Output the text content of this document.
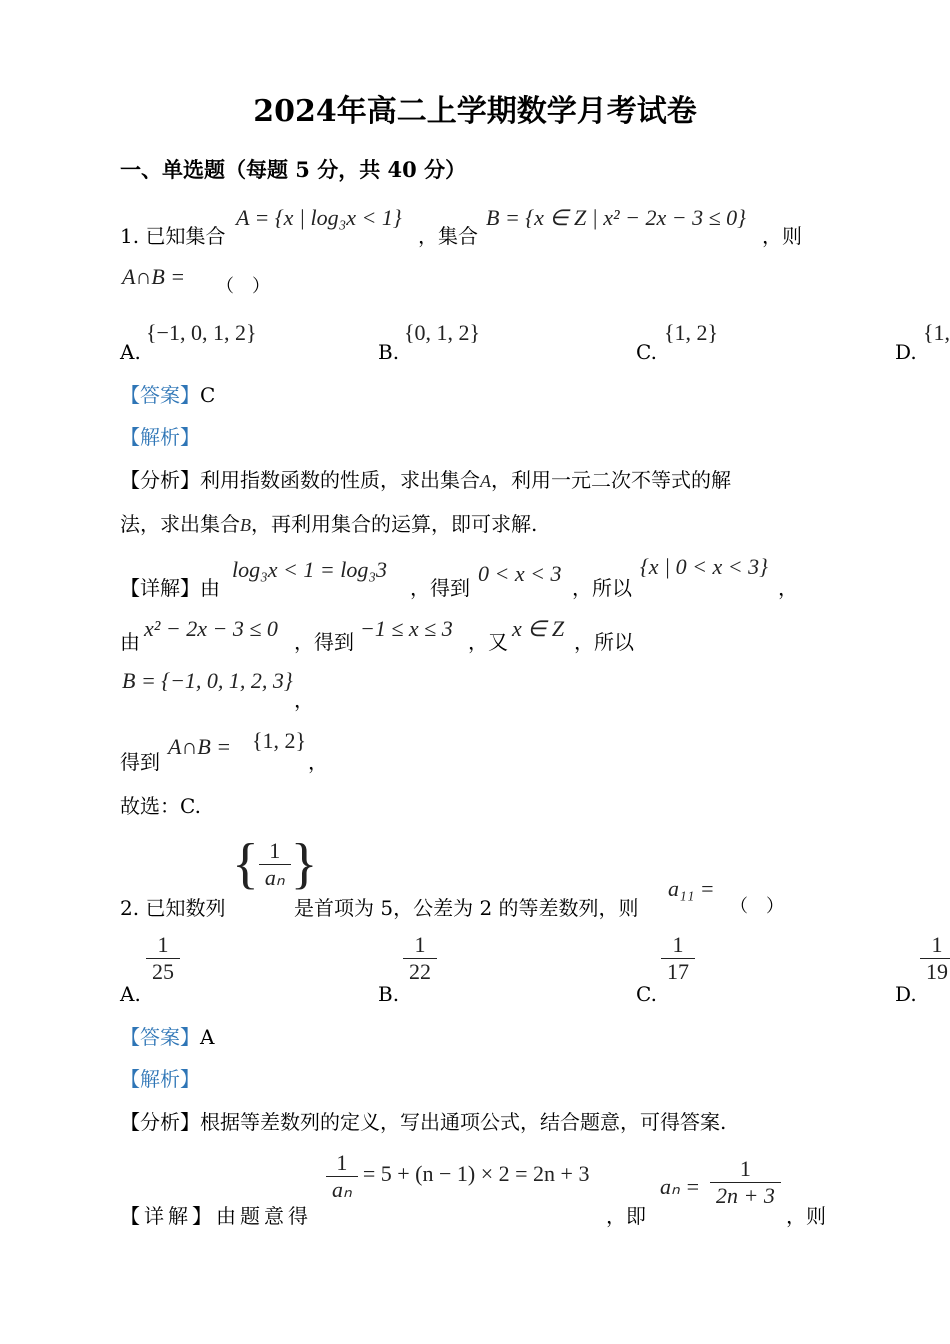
2024年高二上学期数学月考试卷
一、单选题（每题 5 分，共 40 分）
1. 已知集合
A = {x | log₃x < 1}
，集合
B = {x ∈ Z | x² − 2x − 3 ≤ 0}
，则
A∩B = （　）
A.
{−1, 0, 1, 2}
B.
{0, 1, 2}
C.
{1, 2}
D.
{1,
【答案】C
【解析】
【分析】利用指数函数的性质，求出集合A，利用一元二次不等式的解
法，求出集合B，再利用集合的运算，即可求解.
【详解】由
log₃x < 1 = log₃3
，得到
0 < x < 3
，所以
{x | 0 < x < 3}
，
由
x² − 2x − 3 ≤ 0
，得到
−1 ≤ x ≤ 3
，又
x ∈ Z
，所以
B = {−1, 0, 1, 2, 3}
，
得到
A∩B = {1, 2}
，
故选：C.
2. 已知数列
{ $\frac{1}{\text{aₙ}}$ }
是首项为 5，公差为 2 的等差数列，则
a₁₁ =
（　）
A.
$\frac{1}{25}$
B.
$\frac{1}{22}$
C.
$\frac{1}{17}$
D.
$\frac{1}{19}$
【答案】A
【解析】
【分析】根据等差数列的定义，写出通项公式，结合题意，可得答案.
【详解】由题意得
$\frac{1}{\text{aₙ}} = 5 + (n - 1) \times 2 = 2n + 3$
，即
$a_n = \frac{1}{2n + 3}$
，则
